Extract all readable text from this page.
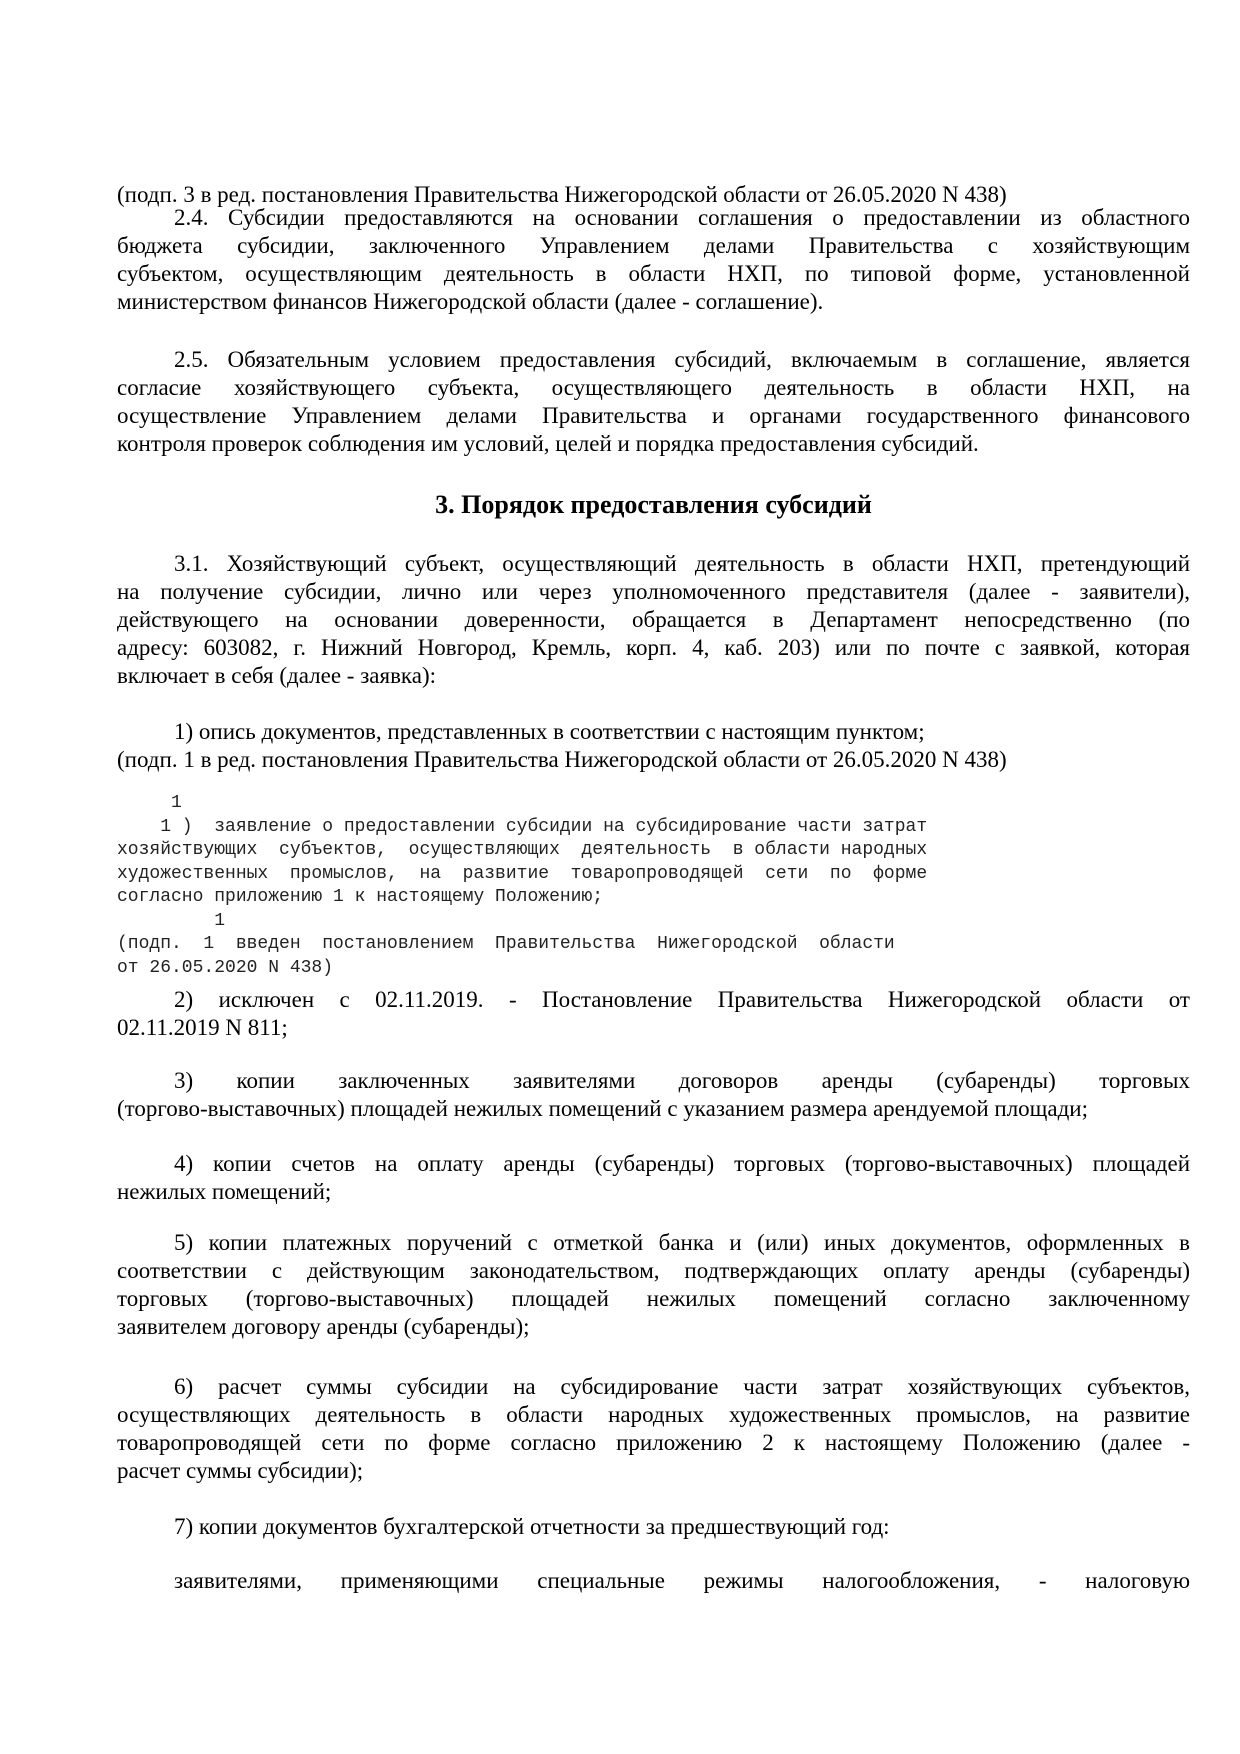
(подп. 3 в ред. постановления Правительства Нижегородской области от 26.05.2020 N 438)
2.4. Субсидии предоставляются на основании соглашения о предоставлении из областного
бюджета субсидии, заключенного Управлением делами Правительства с хозяйствующим
субъектом, осуществляющим деятельность в области НХП, по типовой форме, установленной
министерством финансов Нижегородской области (далее - соглашение).
2.5. Обязательным условием предоставления субсидий, включаемым в соглашение, является
согласие хозяйствующего субъекта, осуществляющего деятельность в области НХП, на
осуществление Управлением делами Правительства и органами государственного финансового
контроля проверок соблюдения им условий, целей и порядка предоставления субсидий.
3. Порядок предоставления субсидий
3.1. Хозяйствующий субъект, осуществляющий деятельность в области НХП, претендующий
на получение субсидии, лично или через уполномоченного представителя (далее - заявители),
действующего на основании доверенности, обращается в Департамент непосредственно (по
адресу: 603082, г. Нижний Новгород, Кремль, корп. 4, каб. 203) или по почте с заявкой, которая
включает в себя (далее - заявка):
1) опись документов, представленных в соответствии с настоящим пунктом;
(подп. 1 в ред. постановления Правительства Нижегородской области от 26.05.2020 N 438)
1
1 )  заявление о предоставлении субсидии на субсидирование части затрат
хозяйствующих  субъектов,  осуществляющих  деятельность  в области народных
художественных  промыслов,  на  развитие  товаропроводящей  сети  по  форме
согласно приложению 1 к настоящему Положению;
1
(подп.  1  введен  постановлением  Правительства  Нижегородской  области
от 26.05.2020 N 438)
2) исключен с 02.11.2019. - Постановление Правительства Нижегородской области от
02.11.2019 N 811;
3) копии заключенных заявителями договоров аренды (субаренды) торговых
(торгово-выставочных) площадей нежилых помещений с указанием размера арендуемой площади;
4) копии счетов на оплату аренды (субаренды) торговых (торгово-выставочных) площадей
нежилых помещений;
5) копии платежных поручений с отметкой банка и (или) иных документов, оформленных в
соответствии с действующим законодательством, подтверждающих оплату аренды (субаренды)
торговых (торгово-выставочных) площадей нежилых помещений согласно заключенному
заявителем договору аренды (субаренды);
6) расчет суммы субсидии на субсидирование части затрат хозяйствующих субъектов,
осуществляющих деятельность в области народных художественных промыслов, на развитие
товаропроводящей сети по форме согласно приложению 2 к настоящему Положению (далее -
расчет суммы субсидии);
7) копии документов бухгалтерской отчетности за предшествующий год:
заявителями, применяющими специальные режимы налогообложения, - налоговую
